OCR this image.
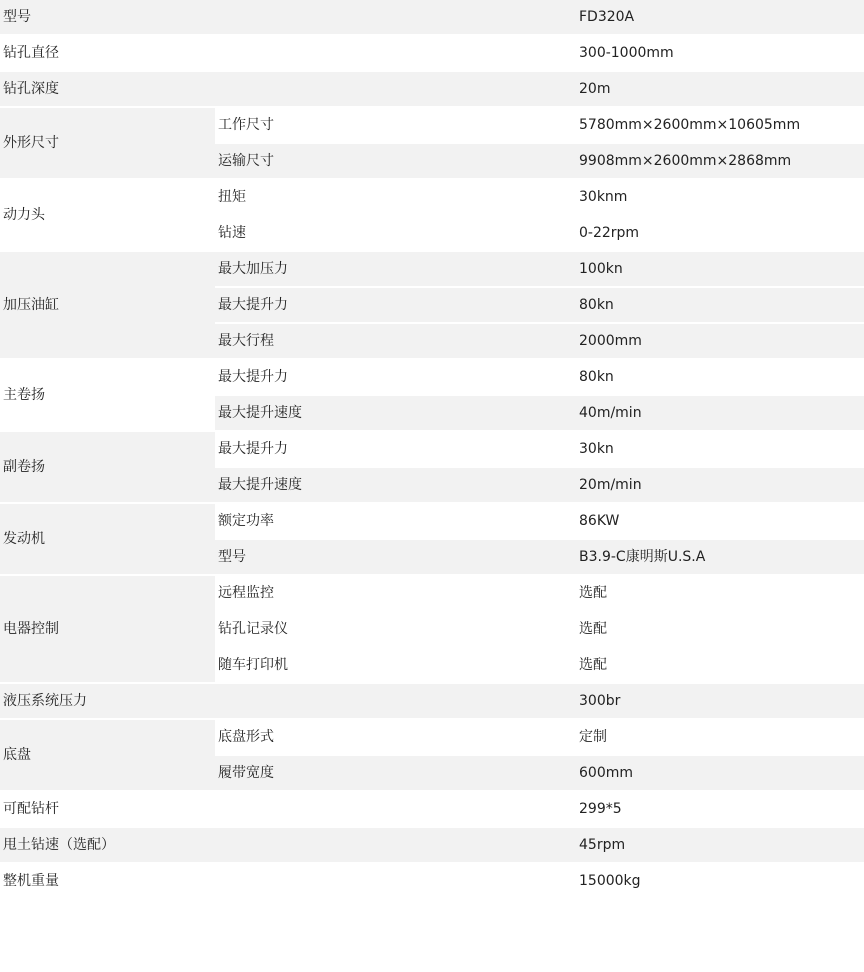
型号		FD320A
钻孔直径		300-1000mm
钻孔深度		20m
外形尺寸	工作尺寸	5780mm×2600mm×10605mm
	运输尺寸	9908mm×2600mm×2868mm
动力头	扭矩	30knm
	钻速	0-22rpm
加压油缸	最大加压力	100kn
	最大提升力	80kn
	最大行程	2000mm
主卷扬	最大提升力	80kn
	最大提升速度	40m/min
副卷扬	最大提升力	30kn
	最大提升速度	20m/min
发动机	额定功率	86KW
	型号	B3.9-C康明斯U.S.A
电器控制	远程监控	选配
	钻孔记录仪	选配
	随车打印机	选配
液压系统压力		300br
底盘	底盘形式	定制
	履带宽度	600mm
可配钻杆		299*5
甩土钻速（选配）		45rpm
整机重量		15000kg
